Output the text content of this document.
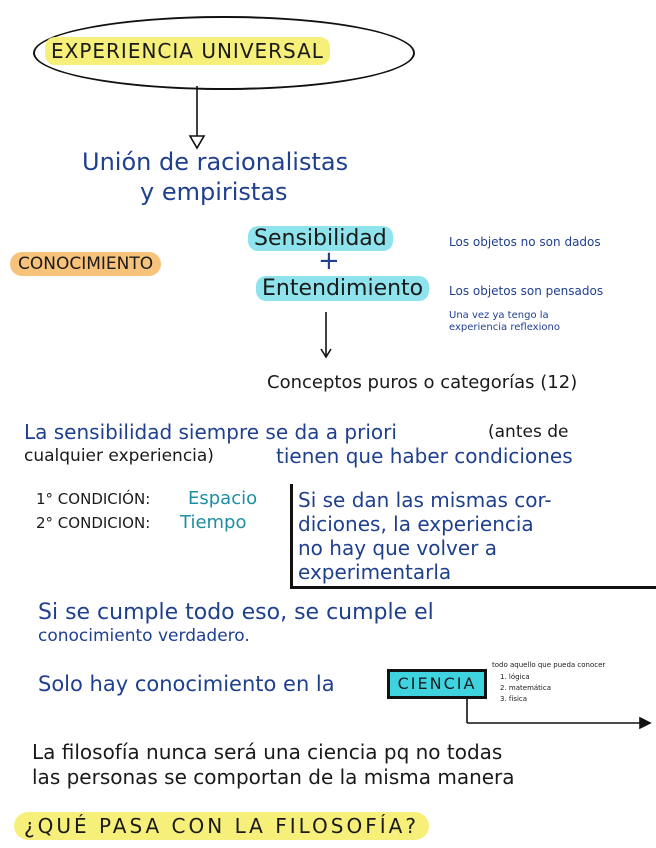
EXPERIENCIA UNIVERSAL
Unión de racionalistas
y empiristas
CONOCIMIENTO
Sensibilidad	Los objetos no son dados
+
Entendimiento	Los objetos son pensados
Una vez ya tengo la
experiencia reflexiono
Conceptos puros o categorías (12)
La sensibilidad siempre se da a priori	(antes de
cualquier experiencia)	tienen que haber condiciones
1° CONDICIÓN: Espacio
2° CONDICION: Tiempo
Si se dan las mismas cor-
diciones, la experiencia
no hay que volver a
experimentarla
Si se cumple todo eso, se cumple el
conocimiento verdadero.
Solo hay conocimiento en la	CIENCIA
todo aquello que pueda conocer
1. lógica
2. matemática
3. física
La filosofía nunca será una ciencia pq no todas
las personas se comportan de la misma manera
¿QUÉ PASA CON LA FILOSOFÍA?
